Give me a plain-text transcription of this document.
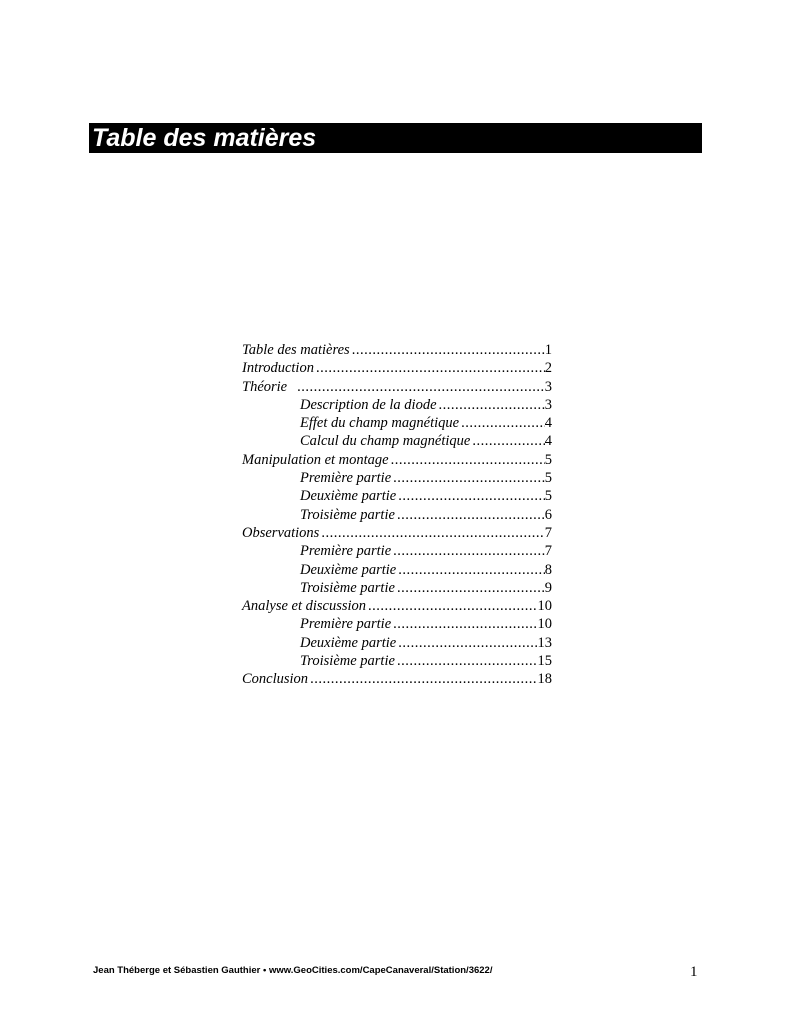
Table des matières
Table des matières .....	1
Introduction .....	2
Théorie .....	3
Description de la diode .....	3
Effet du champ magnétique .....	4
Calcul du champ magnétique .....	4
Manipulation et montage .....	5
Première partie .....	5
Deuxième partie .....	5
Troisième partie .....	6
Observations .....	7
Première partie .....	7
Deuxième partie .....	8
Troisième partie .....	9
Analyse et discussion .....	10
Première partie .....	10
Deuxième partie .....	13
Troisième partie .....	15
Conclusion .....	18
Jean Théberge et Sébastien Gauthier • www.GeoCities.com/CapeCanaveral/Station/3622/	1
